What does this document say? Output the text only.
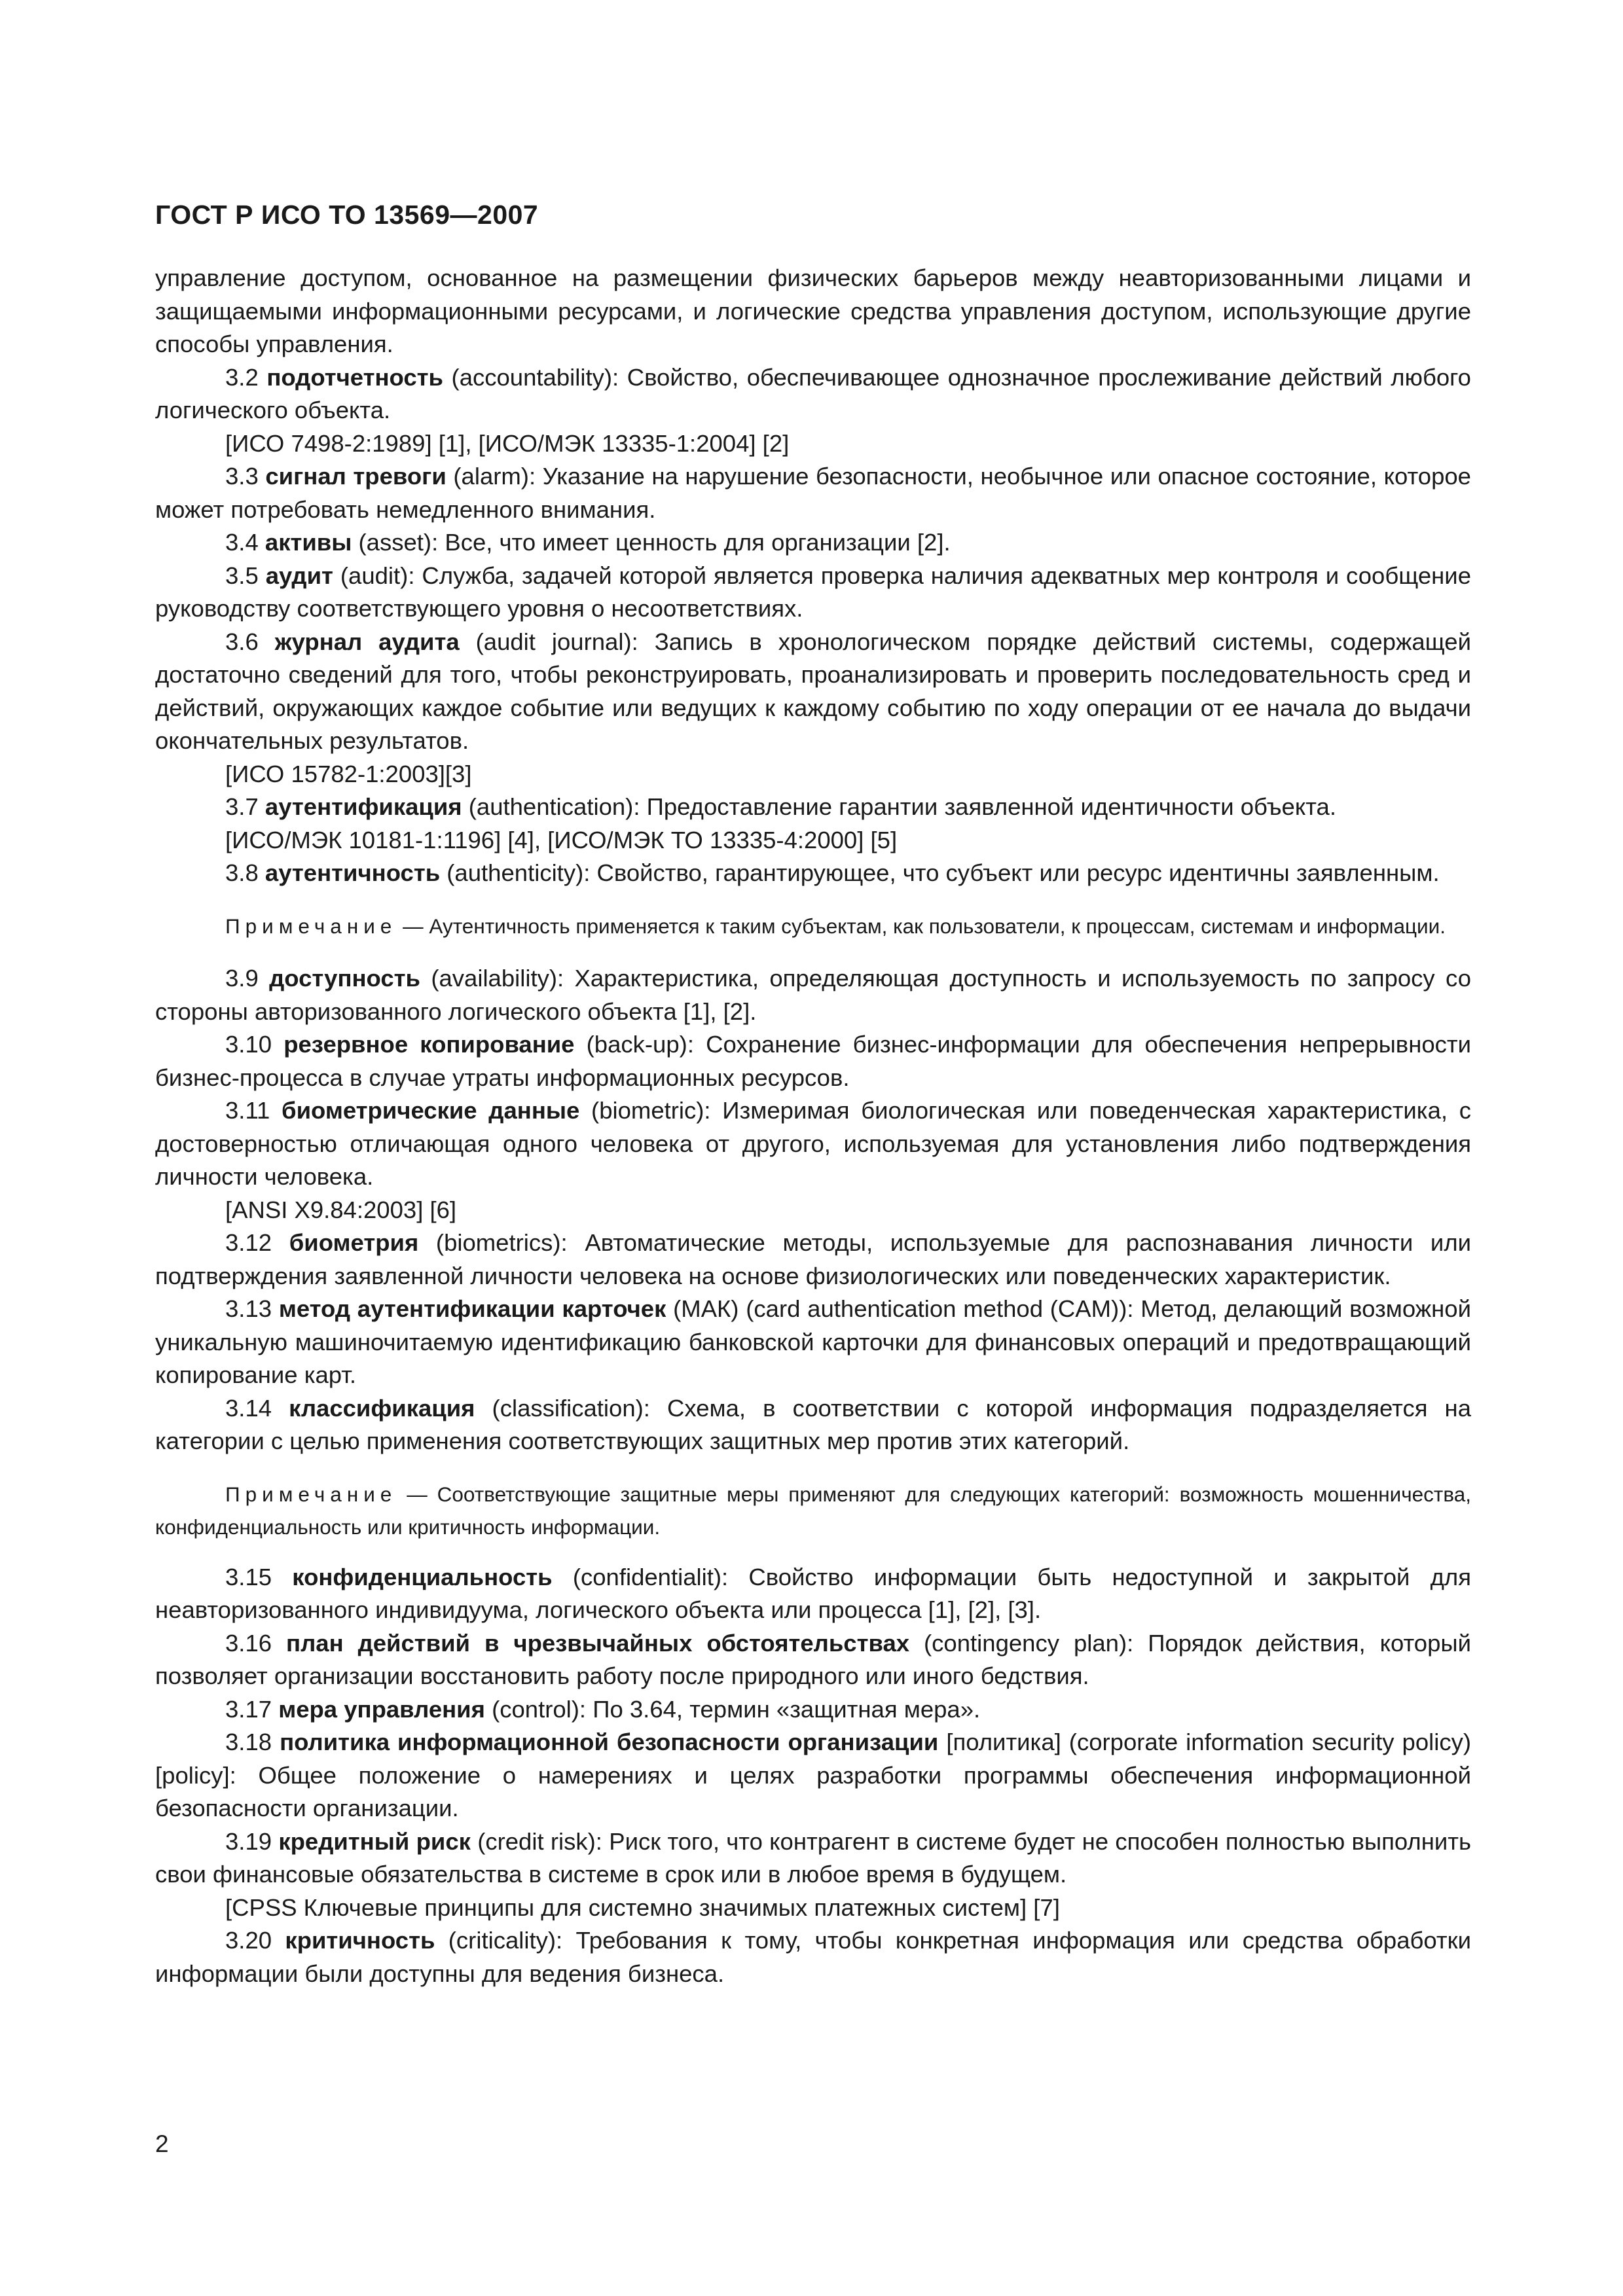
ГОСТ Р ИСО ТО 13569—2007

управление доступом, основанное на размещении физических барьеров между неавторизованными лицами и защищаемыми информационными ресурсами, и логические средства управления доступом, использующие другие способы управления.

3.2 подотчетность (accountability): Свойство, обеспечивающее однозначное прослеживание действий любого логического объекта.

[ИСО 7498-2:1989] [1], [ИСО/МЭК 13335-1:2004] [2]

3.3 сигнал тревоги (alarm): Указание на нарушение безопасности, необычное или опасное состояние, которое может потребовать немедленного внимания.

3.4 активы (asset): Все, что имеет ценность для организации [2].

3.5 аудит (audit): Служба, задачей которой является проверка наличия адекватных мер контроля и сообщение руководству соответствующего уровня о несоответствиях.

3.6 журнал аудита (audit journal): Запись в хронологическом порядке действий системы, содержащей достаточно сведений для того, чтобы реконструировать, проанализировать и проверить последовательность сред и действий, окружающих каждое событие или ведущих к каждому событию по ходу операции от ее начала до выдачи окончательных результатов.

[ИСО 15782-1:2003][3]

3.7 аутентификация (authentication): Предоставление гарантии заявленной идентичности объекта.

[ИСО/МЭК 10181-1:1196] [4], [ИСО/МЭК ТО 13335-4:2000] [5]

3.8 аутентичность (authenticity): Свойство, гарантирующее, что субъект или ресурс идентичны заявленным.

Примечание — Аутентичность применяется к таким субъектам, как пользователи, к процессам, системам и информации.

3.9 доступность (availability): Характеристика, определяющая доступность и используемость по запросу со стороны авторизованного логического объекта [1], [2].

3.10 резервное копирование (back-up): Сохранение бизнес-информации для обеспечения непрерывности бизнес-процесса в случае утраты информационных ресурсов.

3.11 биометрические данные (biometric): Измеримая биологическая или поведенческая характеристика, с достоверностью отличающая одного человека от другого, используемая для установления либо подтверждения личности человека.

[ANSI X9.84:2003] [6]

3.12 биометрия (biometrics): Автоматические методы, используемые для распознавания личности или подтверждения заявленной личности человека на основе физиологических или поведенческих характеристик.

3.13 метод аутентификации карточек (МАК) (card authentication method (CAM)): Метод, делающий возможной уникальную машиночитаемую идентификацию банковской карточки для финансовых операций и предотвращающий копирование карт.

3.14 классификация (classification): Схема, в соответствии с которой информация подразделяется на категории с целью применения соответствующих защитных мер против этих категорий.

Примечание — Соответствующие защитные меры применяют для следующих категорий: возможность мошенничества, конфиденциальность или критичность информации.

3.15 конфиденциальность (confidentialit): Свойство информации быть недоступной и закрытой для неавторизованного индивидуума, логического объекта или процесса [1], [2], [3].

3.16 план действий в чрезвычайных обстоятельствах (contingency plan): Порядок действия, который позволяет организации восстановить работу после природного или иного бедствия.

3.17 мера управления (control): По 3.64, термин «защитная мера».

3.18 политика информационной безопасности организации [политика] (corporate information security policy) [policy]: Общее положение о намерениях и целях разработки программы обеспечения информационной безопасности организации.

3.19 кредитный риск (credit risk): Риск того, что контрагент в системе будет не способен полностью выполнить свои финансовые обязательства в системе в срок или в любое время в будущем.

[CPSS Ключевые принципы для системно значимых платежных систем] [7]

3.20 критичность (criticality): Требования к тому, чтобы конкретная информация или средства обработки информации были доступны для ведения бизнеса.

2
